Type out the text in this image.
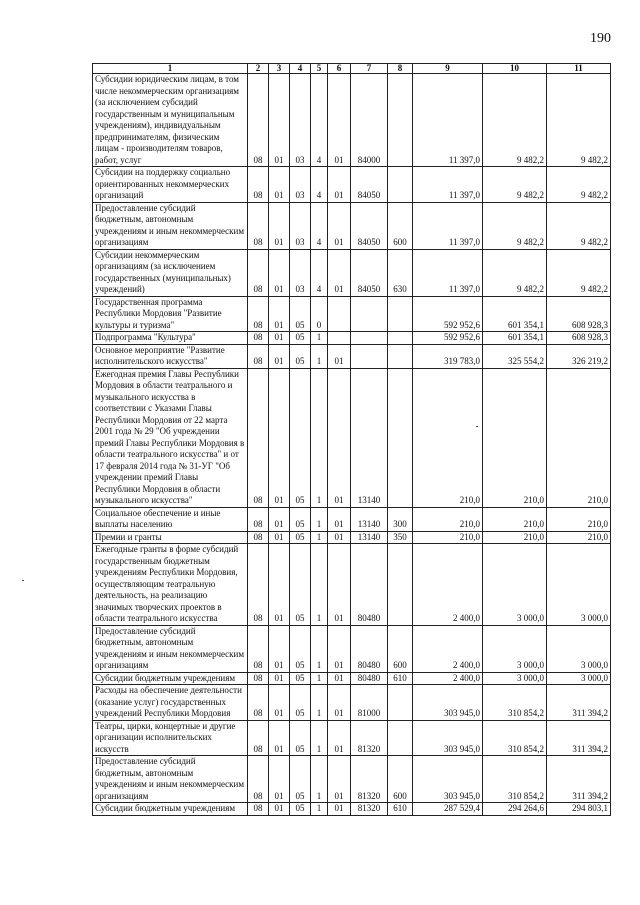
190
1	2	3	4	5	6	7	8	9	10	11
Субсидии юридическим лицам, в том числе некоммерческим организациям (за исключением субсидий государственным и муниципальным учреждениям), индивидуальным предпринимателям, физическим лицам - производителям товаров, работ, услуг	08	01	03	4	01	84000		11 397,0	9 482,2	9 482,2
Субсидии на поддержку социально ориентированных некоммерческих организаций	08	01	03	4	01	84050		11 397,0	9 482,2	9 482,2
Предоставление субсидий бюджетным, автономным учреждениям и иным некоммерческим организациям	08	01	03	4	01	84050	600	11 397,0	9 482,2	9 482,2
Субсидии некоммерческим организациям (за исключением государственных (муниципальных) учреждений)	08	01	03	4	01	84050	630	11 397,0	9 482,2	9 482,2
Государственная программа Республики Мордовия "Развитие культуры и туризма"	08	01	05	0				592 952,6	601 354,1	608 928,3
Подпрограмма "Культура"	08	01	05	1				592 952,6	601 354,1	608 928,3
Основное мероприятие "Развитие исполнительского искусства"	08	01	05	1	01			319 783,0	325 554,2	326 219,2
Ежегодная премия Главы Республики Мордовия в области театрального и музыкального искусства в соответствии с Указами Главы Республики Мордовия от 22 марта 2001 года № 29 "Об учреждении премий Главы Республики Мордовия в области театрального искусства" и от 17 февраля 2014 года № 31-УГ "Об учреждении премий Главы Республики Мордовия в области музыкального искусства"	08	01	05	1	01	13140		210,0	210,0	210,0
Социальное обеспечение и иные выплаты населению	08	01	05	1	01	13140	300	210,0	210,0	210,0
Премии и гранты	08	01	05	1	01	13140	350	210,0	210,0	210,0
Ежегодные гранты в форме субсидий государственным бюджетным учреждениям Республики Мордовия, осуществляющим театральную деятельность, на реализацию значимых творческих проектов в области театрального искусства	08	01	05	1	01	80480		2 400,0	3 000,0	3 000,0
Предоставление субсидий бюджетным, автономным учреждениям и иным некоммерческим организациям	08	01	05	1	01	80480	600	2 400,0	3 000,0	3 000,0
Субсидии бюджетным учреждениям	08	01	05	1	01	80480	610	2 400,0	3 000,0	3 000,0
Расходы на обеспечение деятельности (оказание услуг) государственных учреждений Республики Мордовия	08	01	05	1	01	81000		303 945,0	310 854,2	311 394,2
Театры, цирки, концертные и другие организации исполнительских искусств	08	01	05	1	01	81320		303 945,0	310 854,2	311 394,2
Предоставление субсидий бюджетным, автономным учреждениям и иным некоммерческим организациям	08	01	05	1	01	81320	600	303 945,0	310 854,2	311 394,2
Субсидии бюджетным учреждениям	08	01	05	1	01	81320	610	287 529,4	294 264,6	294 803,1
